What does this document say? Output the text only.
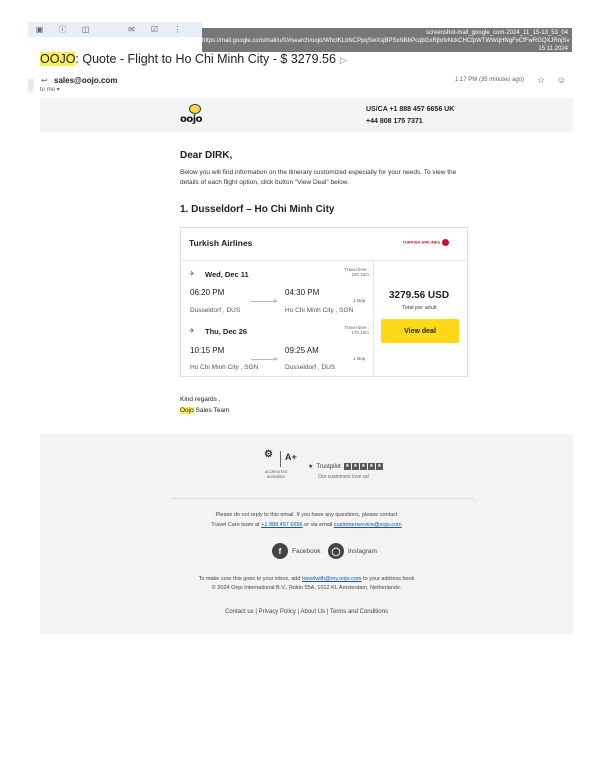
▣	ⓘ	◫	✉	☑	⋮	screenshot-mail_google_com-2024_11_15-13_53_04
https://mail.google.com/mail/u/0/#search/oojo/WhctKLbNCPpqSwXsjBPSxNBbPcqbGxRjbrlvNckCHCfpWTWWqHNgFxCfFwRGQXJRnjSv
15.11.2024
OOJO: Quote - Flight to Ho Chi Minh City - $ 3279.56 ▷
↩ sales@oojo.com
to me ▾
1:17 PM (35 minutes ago) ☆ ☺
oojo
US/CA +1 888 457 6656 UK
+44 808 175 7371
Dear DIRK,
Below you will find information on the itinerary customized especially for your needs. To view the details of each flight option, click button "View Deal" below.
1. Dusseldorf – Ho Chi Minh City
Turkish Airlines	TURKISH AIRLINES
✈ Wed, Dec 11
Travel time :
15h 10m
06:20 PM	04:30 PM
1 stop
Dusseldorf , DUS	Ho Chi Minh City , SGN
✈ Thu, Dec 26	Travel time :
17h 10m
10:15 PM	09:25 AM
1 stop
Ho Chi Minh City , SGN	Dusseldorf , DUS
3279.56 USD
Total per adult
View deal
Kind regards ,
Oojo Sales Team
⚙ A+
ACCREDITED BUSINESS
★ Trustpilot ★ ★ ★ ★ ★
Our customers love us!
Please do not reply to this email. If you have any questions, please contact
Travel Care team at +1 888 457 6656 or via email customerservice@oojo.com
f	Facebook	◯	Instagram
To make sure this goes to your inbox, add travelwith@my.oojo.com to your address book
© 2024 Oojo International B.V., Rokin 55A, 1012 KL Amsterdam, Netherlands.
Contact us | Privacy Policy | About Us | Terms and Conditions
